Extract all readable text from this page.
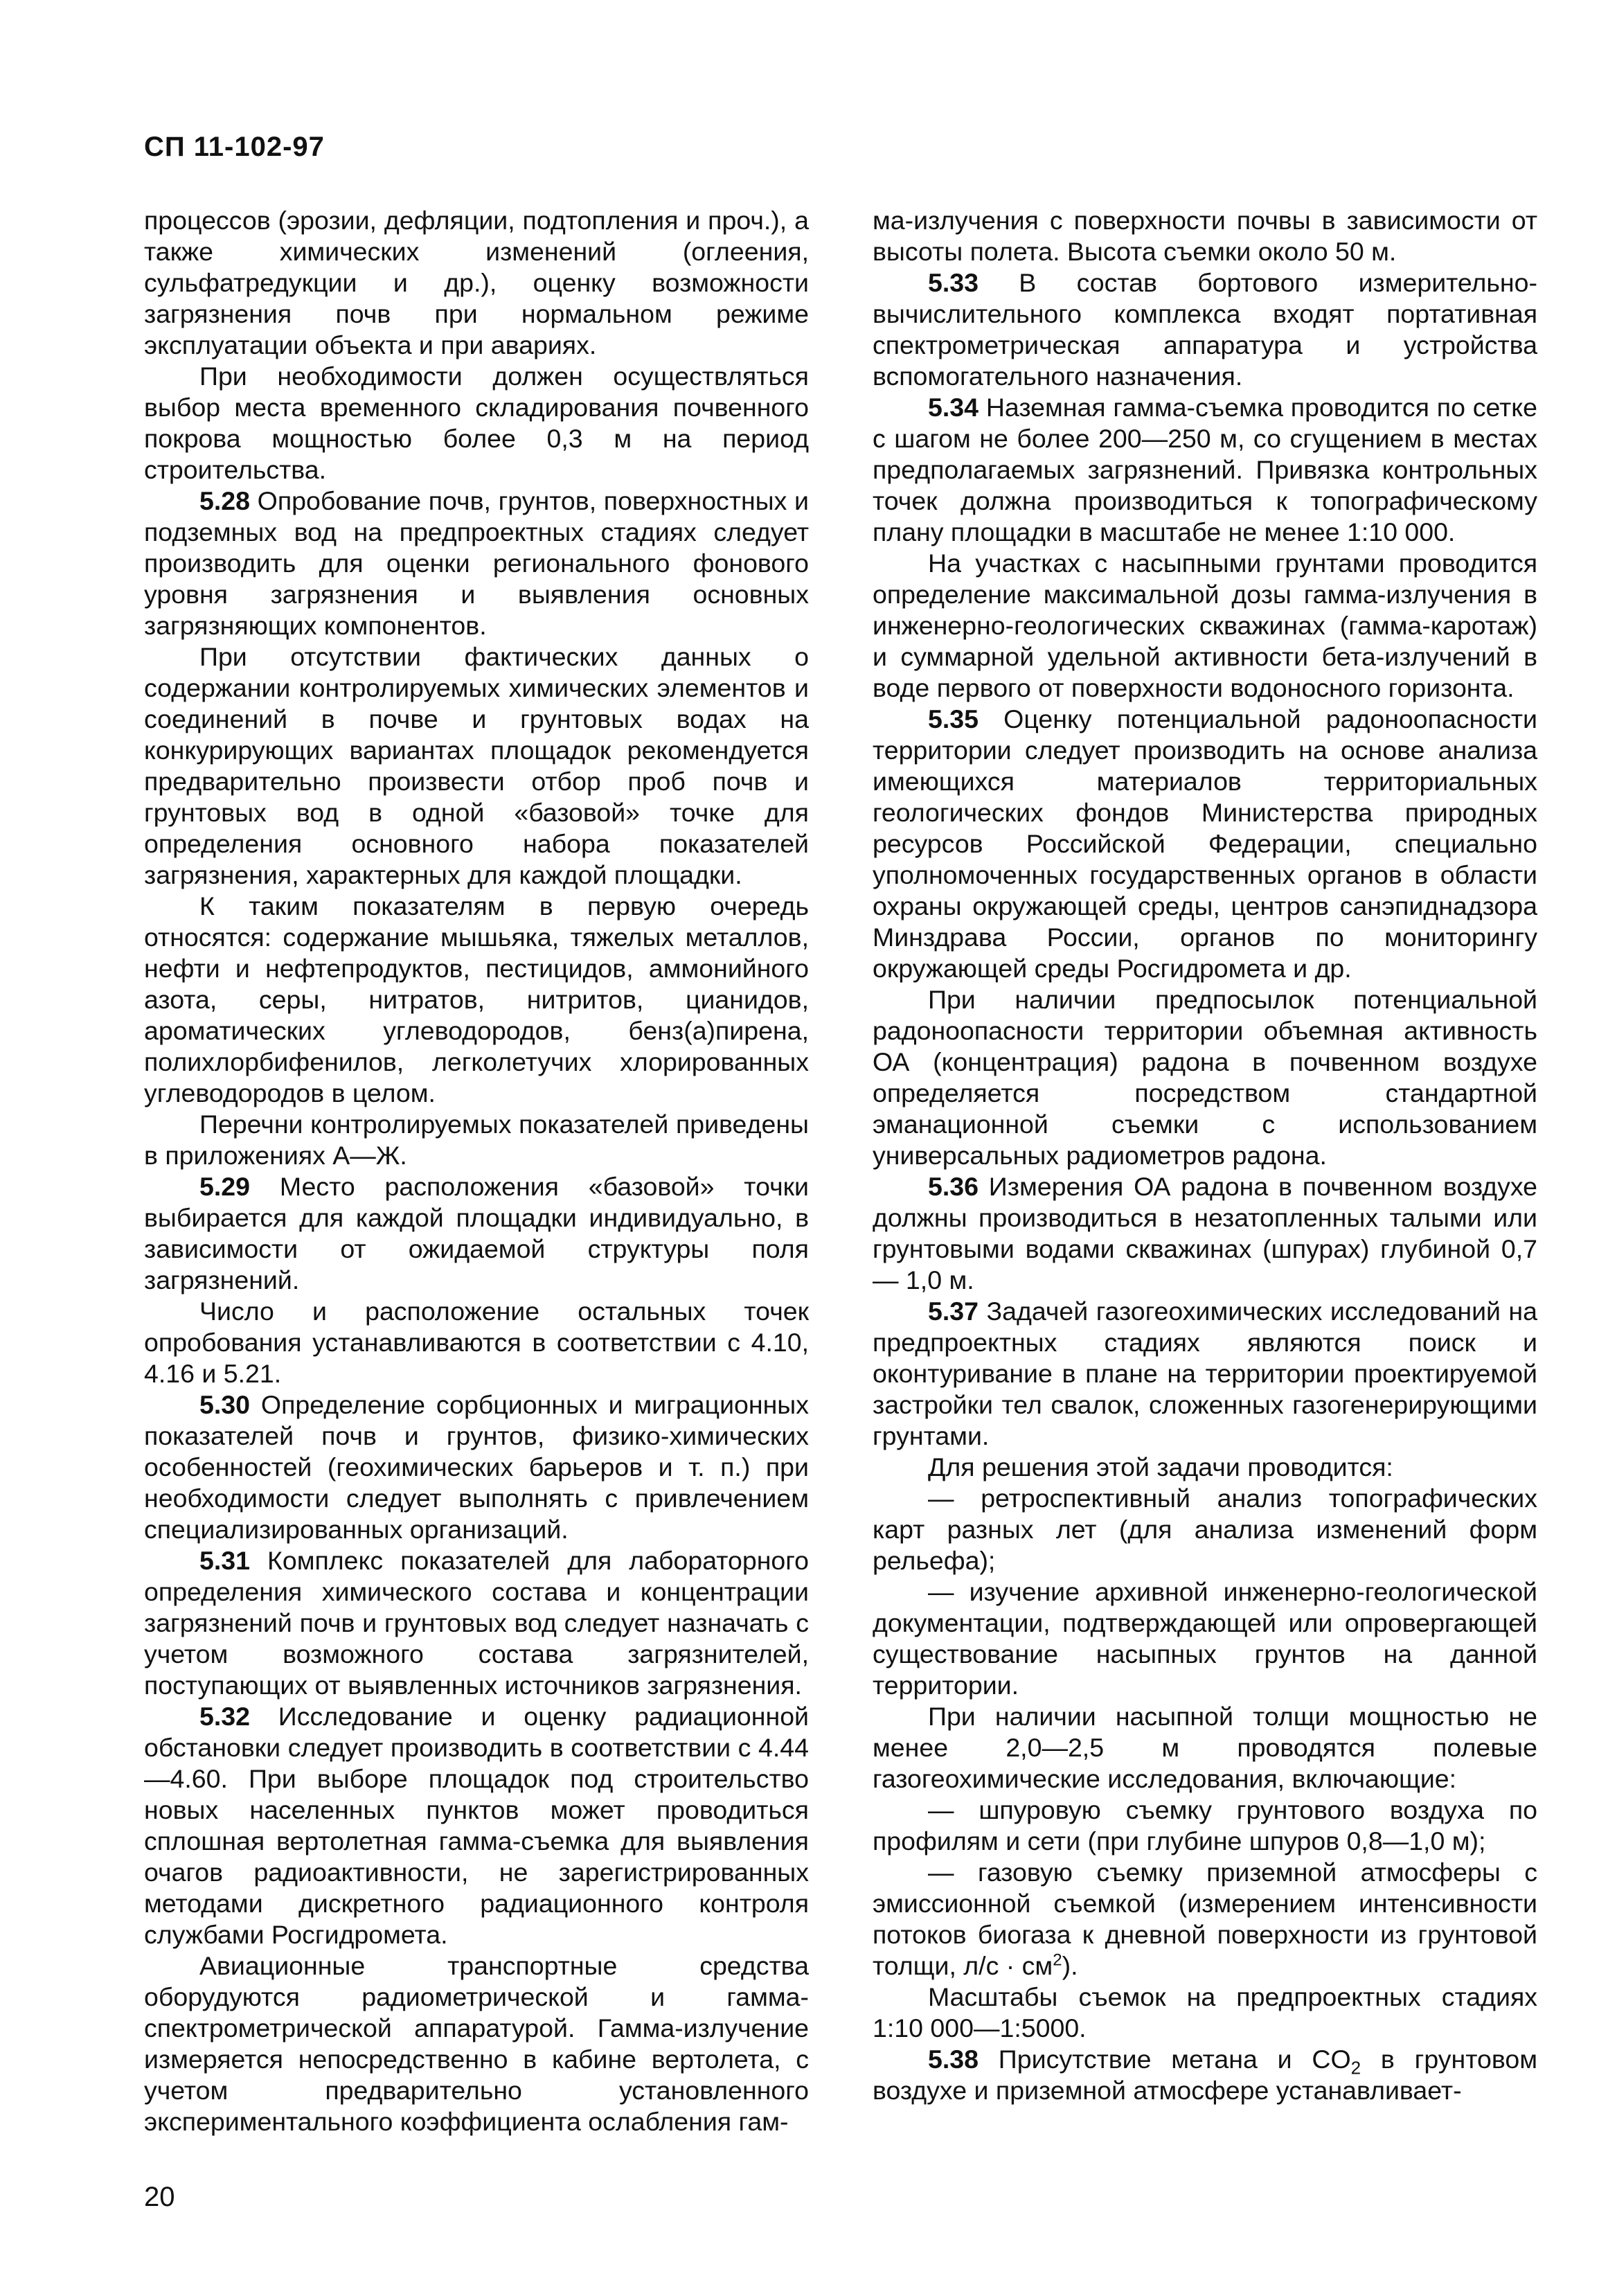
СП 11-102-97

процессов (эрозии, дефляции, подтопления и проч.), а также химических изменений (оглеения, сульфатредукции и др.), оценку возможности загрязнения почв при нормальном режиме эксплуатации объекта и при авариях.

При необходимости должен осуществляться выбор места временного складирования почвенного покрова мощностью более 0,3 м на период строительства.

5.28 Опробование почв, грунтов, поверхностных и подземных вод на предпроектных стадиях следует производить для оценки регионального фонового уровня загрязнения и выявления основных загрязняющих компонентов.

При отсутствии фактических данных о содержании контролируемых химических элементов и соединений в почве и грунтовых водах на конкурирующих вариантах площадок рекомендуется предварительно произвести отбор проб почв и грунтовых вод в одной «базовой» точке для определения основного набора показателей загрязнения, характерных для каждой площадки.

К таким показателям в первую очередь относятся: содержание мышьяка, тяжелых металлов, нефти и нефтепродуктов, пестицидов, аммонийного азота, серы, нитратов, нитритов, цианидов, ароматических углеводородов, бенз(а)пирена, полихлорбифенилов, легколетучих хлорированных углеводородов в целом.

Перечни контролируемых показателей приведены в приложениях А—Ж.

5.29 Место расположения «базовой» точки выбирается для каждой площадки индивидуально, в зависимости от ожидаемой структуры поля загрязнений.

Число и расположение остальных точек опробования устанавливаются в соответствии с 4.10, 4.16 и 5.21.

5.30 Определение сорбционных и миграционных показателей почв и грунтов, физико-химических особенностей (геохимических барьеров и т. п.) при необходимости следует выполнять с привлечением специализированных организаций.

5.31 Комплекс показателей для лабораторного определения химического состава и концентрации загрязнений почв и грунтовых вод следует назначать с учетом возможного состава загрязнителей, поступающих от выявленных источников загрязнения.

5.32 Исследование и оценку радиационной обстановки следует производить в соответствии с 4.44—4.60. При выборе площадок под строительство новых населенных пунктов может проводиться сплошная вертолетная гамма-съемка для выявления очагов радиоактивности, не зарегистрированных методами дискретного радиационного контроля службами Росгидромета.

Авиационные транспортные средства оборудуются радиометрической и гамма-спектрометрической аппаратурой. Гамма-излучение измеряется непосредственно в кабине вертолета, с учетом предварительно установленного экспериментального коэффициента ослабления гам-

ма-излучения с поверхности почвы в зависимости от высоты полета. Высота съемки около 50 м.

5.33 В состав бортового измерительно-вычислительного комплекса входят портативная спектрометрическая аппаратура и устройства вспомогательного назначения.

5.34 Наземная гамма-съемка проводится по сетке с шагом не более 200—250 м, со сгущением в местах предполагаемых загрязнений. Привязка контрольных точек должна производиться к топографическому плану площадки в масштабе не менее 1:10 000.

На участках с насыпными грунтами проводится определение максимальной дозы гамма-излучения в инженерно-геологических скважинах (гамма-каротаж) и суммарной удельной активности бета-излучений в воде первого от поверхности водоносного горизонта.

5.35 Оценку потенциальной радоноопасности территории следует производить на основе анализа имеющихся материалов территориальных геологических фондов Министерства природных ресурсов Российской Федерации, специально уполномоченных государственных органов в области охраны окружающей среды, центров санэпиднадзора Минздрава России, органов по мониторингу окружающей среды Росгидромета и др.

При наличии предпосылок потенциальной радоноопасности территории объемная активность ОА (концентрация) радона в почвенном воздухе определяется посредством стандартной эманационной съемки с использованием универсальных радиометров радона.

5.36 Измерения ОА радона в почвенном воздухе должны производиться в незатопленных талыми или грунтовыми водами скважинах (шпурах) глубиной 0,7 — 1,0 м.

5.37 Задачей газогеохимических исследований на предпроектных стадиях являются поиск и оконтуривание в плане на территории проектируемой застройки тел свалок, сложенных газогенерирующими грунтами.

Для решения этой задачи проводится:

— ретроспективный анализ топографических карт разных лет (для анализа изменений форм рельефа);

— изучение архивной инженерно-геологической документации, подтверждающей или опровергающей существование насыпных грунтов на данной территории.

При наличии насыпной толщи мощностью не менее 2,0—2,5 м проводятся полевые газогеохимические исследования, включающие:

— шпуровую съемку грунтового воздуха по профилям и сети (при глубине шпуров 0,8—1,0 м);

— газовую съемку приземной атмосферы с эмиссионной съемкой (измерением интенсивности потоков биогаза к дневной поверхности из грунтовой толщи, $л/с \cdot см^2$).

Масштабы съемок на предпроектных стадиях 1:10 000—1:5000.

5.38 Присутствие метана и $CO_2$ в грунтовом воздухе и приземной атмосфере устанавливает-

20
